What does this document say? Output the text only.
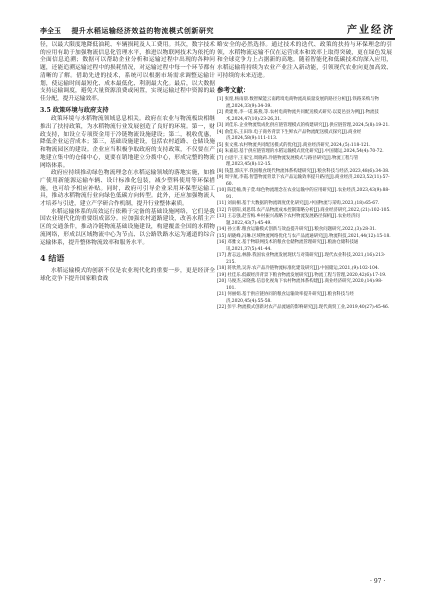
李全玉 提升水稻运输经济效益的物流模式创新研究	产业经济

径，以最大限度地降低油耗、车辆损耗及人工费用。其次，数字技术的应用有助于加强物流信息化管理水平，推进以物联网技术为依托的全面信息追溯；数据可以帮助企业分析和运输过程中出现的各种问题，还能追溯运输过程中的损耗情况，对运输过程中每一个环节都有清晰的了解。借助先进的技术，系统可以根据市场需求调整运输计划，使运输时间最短化、成本最低化、利润最大化。最后，以大数据支持运输调度，避免大量资源浪费或闲置，实现运输过程中资源的最佳分配，提升运输效率。

3.5 政策环境与政府支持

政策环境与水稻物流领域息息相关。政府在农业与物流板块相继推出了扶持政策，为水稻物流行业发展创造了良好的环境。第一，财政支持，如设立专项资金用于冷链物流设施建设；第二，税收优惠，降低企业运营成本；第三，基础设施建设，包括农村道路、仓储设施和物流园区的建设。企业应当积极争取政府的支持政策，不仅要在产地建立集中的仓储中心，更要在销地建立分拨中心，形成完整的物流网络体系。

政府应持续推动绿色物流理念在水稻运输领域的落地实施，如推广使用新能源运输车辆、设计标准化包装，减少塑料使用等环保措施，也可给予相应补贴。同时，政府可引导企业采用环保型运输工具，推动水稻物流行业向绿色低碳方向转型。此外，还应加强物流人才培养与引进，建立产学研合作机制，提升行业整体素质。

水稻运输体系的高效运行依赖于完备的基础设施网络，它们是我国农业现代化的重要组成部分。应加强农村道路建设，改善水稻主产区的交通条件，推动冷链物流基础设施建设，构建覆盖全国的水稻物流网络，形成以区域物流中心为节点、以公路铁路水运为通道的综合运输体系，提升整体物流效率和服务水平。

4 结语

水稻运输模式的创新不仅是农业现代化的重要一步，更是经济全球化竞争下提升国家粮食战

略安全的必然选择。通过技术的迭代、政策的扶持与环保理念的引领，水稻物流运输不仅在运营成本和效率上取得突破，更在绿色发展和全球竞争力上占据新的高地。随着智能化和低碳技术的深入应用，水稻运输将持续为农业产业注入新动能，引领现代农业向更加高效、可持续的未来迈进。

参考文献：

[1] 张煌,杨雨晨.数智赋能云南跨境电商物流高质量发展的路径分析[J].铁路采购与物流,2024,33(9):34-39.

[2] 黄建勇,李一诺,陈燕,等.农村电商物流共同配送模式研究:以夏邑县为例[J].物流技术,2024,47(10):23-26,31.

[3] 刘佳乐.企业物流集成化供应链管理模式的构建研究[J].供应链管理,2024,5(8):19-21.

[4] 俞佳乐,王田珍.电子商务背景下生鲜农产品物流配送模式探究[J].商业经济,2024,58(9):111-113.

[5] 张文燕.农村物流共同配送模式的优化[J].商业经济研究,2024,(5):118-121.

[6] 朱嘉超.基于供应链管理的水稻运输模式优化研究[J].中国储运,2024,54(4):70-72.

[7] 白思宇,王家宝,周晓莉.冷链物流发展模式与路径研究[J].物流工程与管理,2023,45(8):12-15.

[8] 钱慧,郭庆平.我国粮食现代物流体系构建研究[J].粮食科技与经济,2023,48(6):34-38.

[9] 周宇航,李霞.智慧物流背景下农产品运输效率提升路径[J].商业经济,2023,52(11):57-60.

[10] 陈佳楠,黄子萱.绿色物流理念在农业运输中的应用研究[J].农业经济,2023,43(9):88-91.

[11] 刘雨桐.基于大数据的物流调度优化研究[J].中国物流与采购,2023,(18):65-67.

[12] 许晨阳,刘思琪.农产品物流成本控制策略分析[J].商业经济研究,2022,(21):102-105.

[13] 王志强,赵雪梅.乡村振兴战略下农村物流发展路径探析[J].农业经济问题,2022,43(7):45-49.

[14] 孙立新.粮食运输模式创新与效益提升研究[J].粮食问题研究,2022,(3):28-31.

[15] 胡晓峰,冯琳.区域物流网络优化与农产品流通研究[J].物流科技,2021,44(12):15-18.

[16] 邓雅文.基于物联网技术的粮食仓储物流管理研究[J].粮油仓储科技通讯,2021,37(5):41-44.

[17] 唐志远,林静.我国农业物流发展现状与对策研究[J].现代农业科技,2021,(16):213-215.

[18] 蒋欣然,吴涛.农产品冷链物流标准化建设研究[J].中国储运,2021,(9):102-104.

[19] 杜佳乐.低碳经济背景下粮食物流发展研究[J].物流工程与管理,2020,42(6):17-19.

[20] 马俊杰,宋晓燕.信息化视角下农村物流体系构建[J].商业经济研究,2020,(14):98-101.

[21] 何丽娟.基于供应链协同的粮食运输效率提升研究[J].粮食科技与经济,2020,45(4):55-58.

[22] 彭宇.物流模式创新对农产品流通的影响研究[J].现代商贸工业,2019,40(27):45-46.

· 97 ·
